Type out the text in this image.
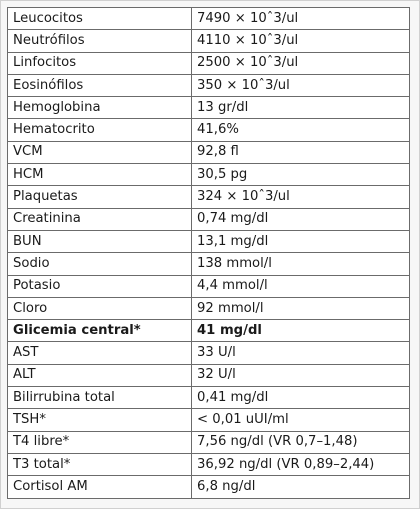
Leucocitos	7490 × 10ˆ3/ul
Neutrófilos	4110 × 10ˆ3/ul
Linfocitos	2500 × 10ˆ3/ul
Eosinófilos	350 × 10ˆ3/ul
Hemoglobina	13 gr/dl
Hematocrito	41,6%
VCM	92,8 fl
HCM	30,5 pg
Plaquetas	324 × 10ˆ3/ul
Creatinina	0,74 mg/dl
BUN	13,1 mg/dl
Sodio	138 mmol/l
Potasio	4,4 mmol/l
Cloro	92 mmol/l
Glicemia central*	41 mg/dl
AST	33 U/l
ALT	32 U/l
Bilirrubina total	0,41 mg/dl
TSH*	< 0,01 uUI/ml
T4 libre*	7,56 ng/dl (VR 0,7–1,48)
T3 total*	36,92 ng/dl (VR 0,89–2,44)
Cortisol AM	6,8 ng/dl
